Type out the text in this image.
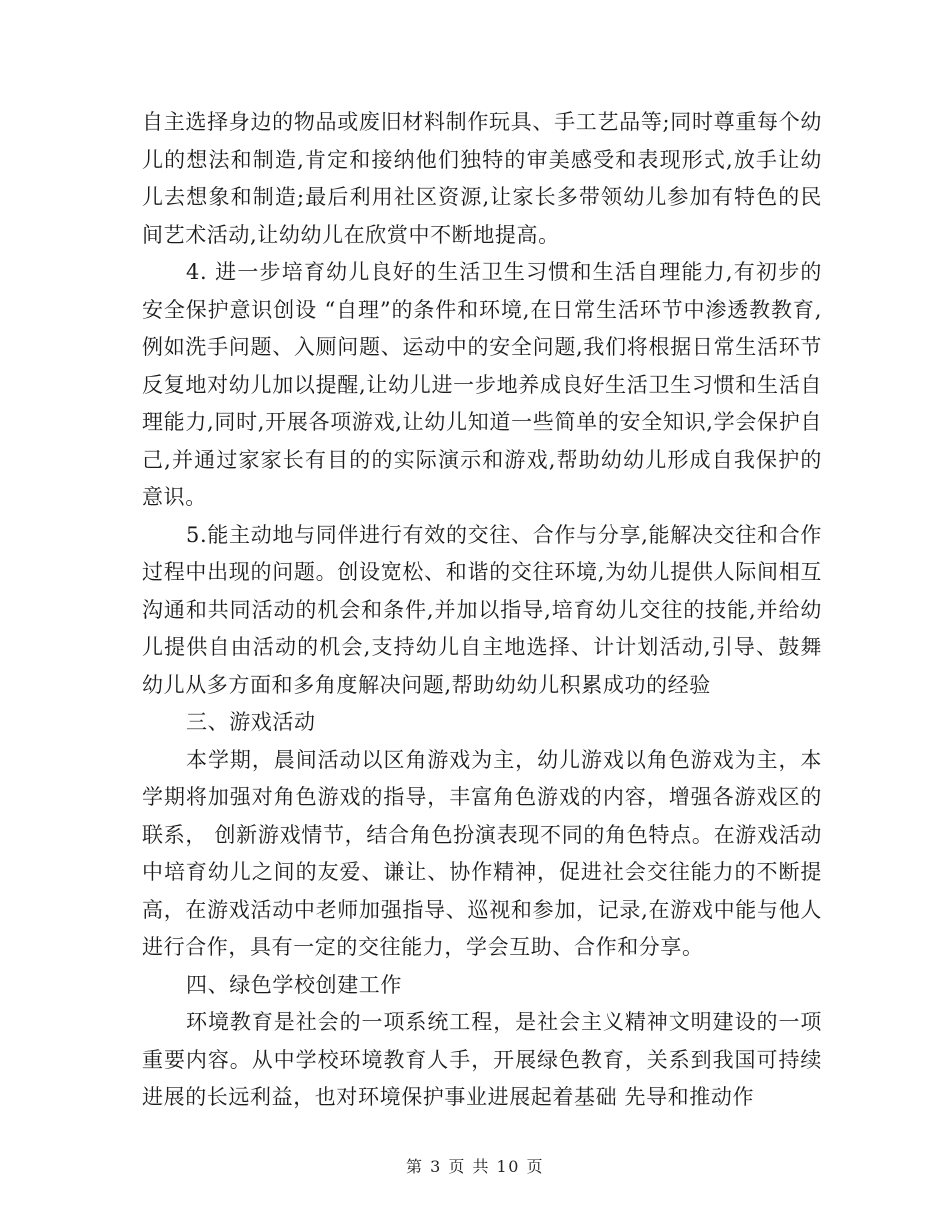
自主选择身边的物品或废旧材料制作玩具、手工艺品等;同时尊重每个幼儿的想法和制造,肯定和接纳他们独特的审美感受和表现形式,放手让幼儿去想象和制造;最后利用社区资源,让家长多带领幼儿参加有特色的民间艺术活动,让幼幼儿在欣赏中不断地提高。

4. 进一步培育幼儿良好的生活卫生习惯和生活自理能力,有初步的安全保护意识创设 “自理”的条件和环境,在日常生活环节中渗透教教育,例如洗手问题、入厕问题、运动中的安全问题,我们将根据日常生活环节反复地对幼儿加以提醒,让幼儿进一步地养成良好生活卫生习惯和生活自理能力,同时,开展各项游戏,让幼儿知道一些简单的安全知识,学会保护自己,并通过家家长有目的的实际演示和游戏,帮助幼幼儿形成自我保护的意识。

5.能主动地与同伴进行有效的交往、合作与分享,能解决交往和合作过程中出现的问题。创设宽松、和谐的交往环境,为幼儿提供人际间相互沟通和共同活动的机会和条件,并加以指导,培育幼儿交往的技能,并给幼儿提供自由活动的机会,支持幼儿自主地选择、计计划活动,引导、鼓舞幼儿从多方面和多角度解决问题,帮助幼幼儿积累成功的经验

三、游戏活动

本学期，晨间活动以区角游戏为主，幼儿游戏以角色游戏为主，本学期将加强对角色游戏的指导，丰富角色游戏的内容，增强各游戏区的联系， 创新游戏情节，结合角色扮演表现不同的角色特点。在游戏活动中培育幼儿之间的友爱、谦让、协作精神，促进社会交往能力的不断提高，在游戏活动中老师加强指导、巡视和参加，记录,在游戏中能与他人进行合作，具有一定的交往能力，学会互助、合作和分享。

四、绿色学校创建工作

环境教育是社会的一项系统工程，是社会主义精神文明建设的一项重要内容。从中学校环境教育人手，开展绿色教育，关系到我国可持续进展的长远利益，也对环境保护事业进展起着基础 先导和推动作

第 3 页 共 10 页
